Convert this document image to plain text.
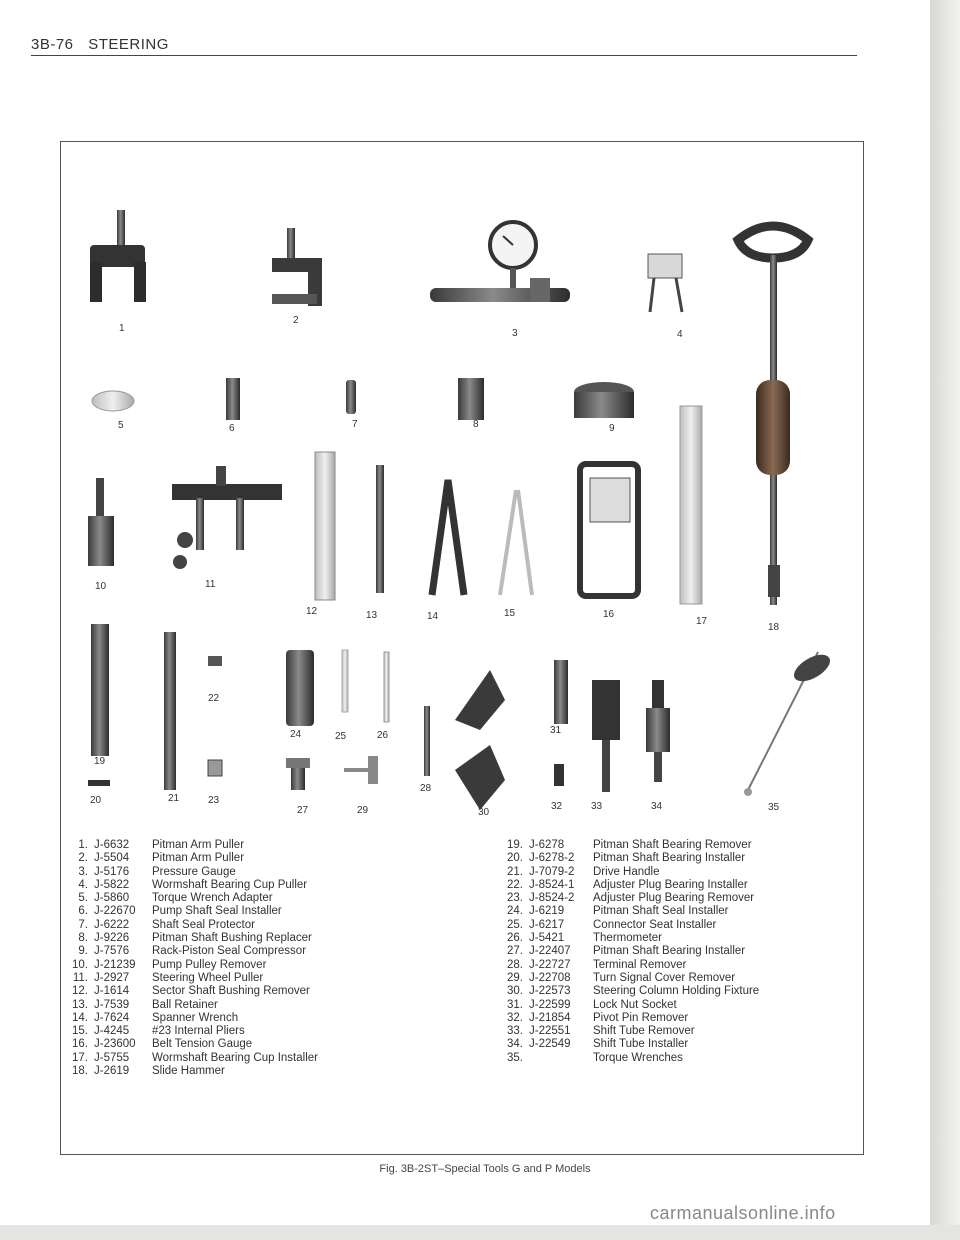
3B-76 STEERING
1
2
3	4
5	6	7	8	9
10	11
12	13	14	15	16
17
18
19
20	21
22
23
24	25	26
27
28
29	30
31
32	33	34	35
1. J-6632 Pitman Arm Puller
2. J-5504 Pitman Arm Puller
3. J-5176 Pressure Gauge
4. J-5822 Wormshaft Bearing Cup Puller
5. J-5860 Torque Wrench Adapter
6. J-22670 Pump Shaft Seal Installer
7. J-6222 Shaft Seal Protector
8. J-9226 Pitman Shaft Bushing Replacer
9. J-7576 Rack-Piston Seal Compressor
10. J-21239 Pump Pulley Remover
11. J-2927 Steering Wheel Puller
12. J-1614 Sector Shaft Bushing Remover
13. J-7539 Ball Retainer
14. J-7624 Spanner Wrench
15. J-4245 #23 Internal Pliers
16. J-23600 Belt Tension Gauge
17. J-5755 Wormshaft Bearing Cup Installer
18. J-2619 Slide Hammer
19. J-6278	Pitman Shaft Bearing Remover
20. J-6278-2 Pitman Shaft Bearing Installer
21. J-7079-2 Drive Handle
22. J-8524-1 Adjuster Plug Bearing Installer
23. J-8524-2 Adjuster Plug Bearing Remover
24. J-6219	Pitman Shaft Seal Installer
25. J-6217	Connector Seat Installer
26. J-5421	Thermometer
27. J-22407 Pitman Shaft Bearing Installer
28. J-22727 Terminal Remover
29. J-22708 Turn Signal Cover Remover
30. J-22573 Steering Column Holding Fixture
31. J-22599 Lock Nut Socket
32. J-21854 Pivot Pin Remover
33. J-22551 Shift Tube Remover
34. J-22549 Shift Tube Installer
35.	Torque Wrenches
Fig. 3B-2ST–Special Tools G and P Models
carmanualsonline.info
